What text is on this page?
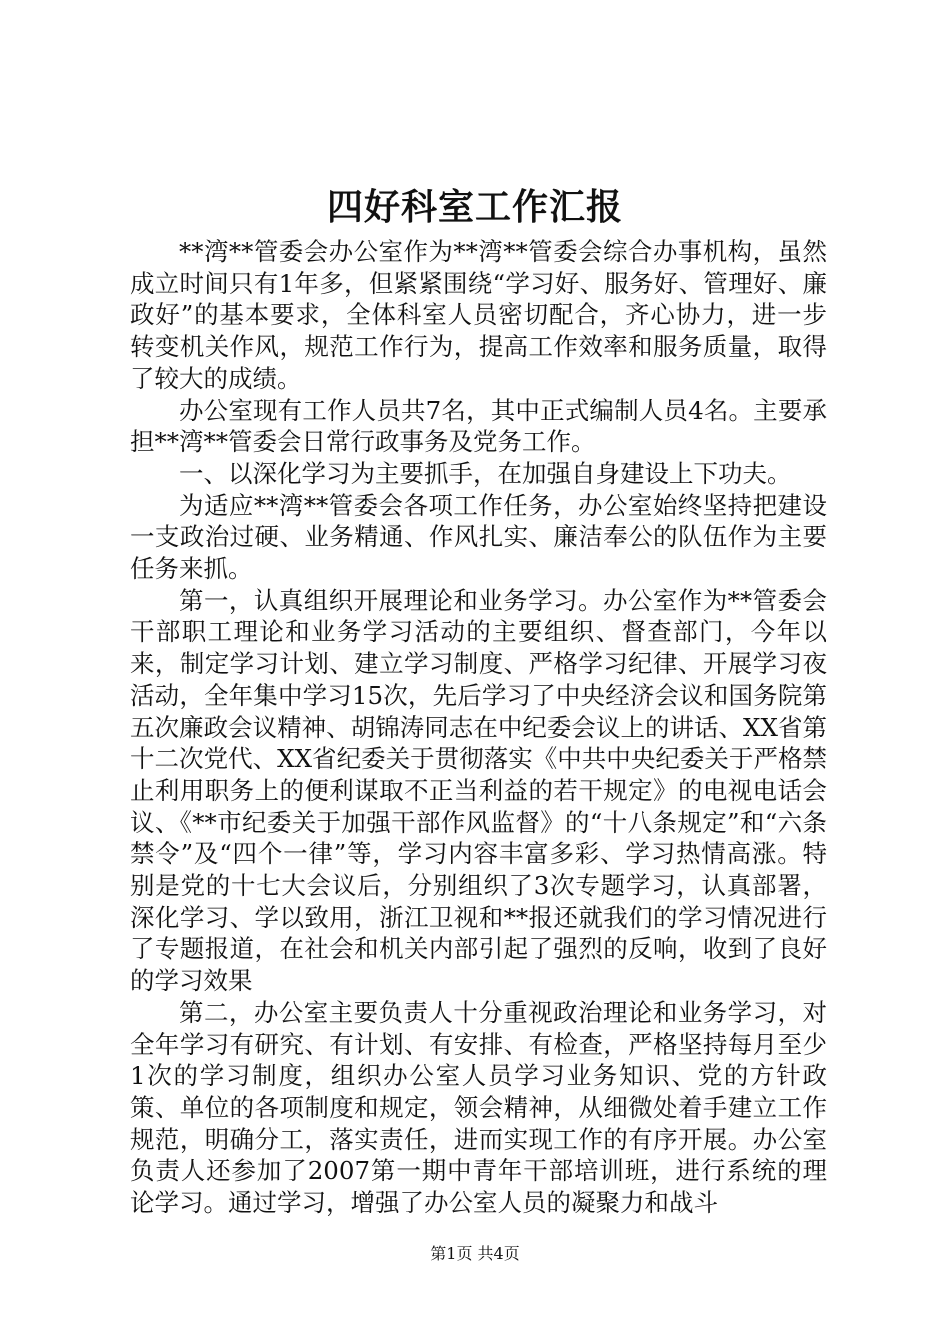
四好科室工作汇报

**湾**管委会办公室作为**湾**管委会综合办事机构，虽然成立时间只有1年多，但紧紧围绕“学习好、服务好、管理好、廉政好”的基本要求，全体科室人员密切配合，齐心协力，进一步转变机关作风，规范工作行为，提高工作效率和服务质量，取得了较大的成绩。

办公室现有工作人员共7名，其中正式编制人员4名。主要承担**湾**管委会日常行政事务及党务工作。

一、以深化学习为主要抓手，在加强自身建设上下功夫。

为适应**湾**管委会各项工作任务，办公室始终坚持把建设一支政治过硬、业务精通、作风扎实、廉洁奉公的队伍作为主要任务来抓。

第一，认真组织开展理论和业务学习。办公室作为**管委会干部职工理论和业务学习活动的主要组织、督查部门，今年以来，制定学习计划、建立学习制度、严格学习纪律、开展学习夜活动，全年集中学习15次，先后学习了中央经济会议和国务院第五次廉政会议精神、胡锦涛同志在中纪委会议上的讲话、XX省第十二次党代、XX省纪委关于贯彻落实《中共中央纪委关于严格禁止利用职务上的便利谋取不正当利益的若干规定》的电视电话会议、《**市纪委关于加强干部作风监督》的“十八条规定”和“六条禁令”及“四个一律”等，学习内容丰富多彩、学习热情高涨。特别是党的十七大会议后，分别组织了3次专题学习，认真部署，深化学习、学以致用，浙江卫视和**报还就我们的学习情况进行了专题报道，在社会和机关内部引起了强烈的反响，收到了良好的学习效果

第二，办公室主要负责人十分重视政治理论和业务学习，对全年学习有研究、有计划、有安排、有检查，严格坚持每月至少1次的学习制度，组织办公室人员学习业务知识、党的方针政策、单位的各项制度和规定，领会精神，从细微处着手建立工作规范，明确分工，落实责任，进而实现工作的有序开展。办公室负责人还参加了2007第一期中青年干部培训班，进行系统的理论学习。通过学习，增强了办公室人员的凝聚力和战斗

第1页 共4页
